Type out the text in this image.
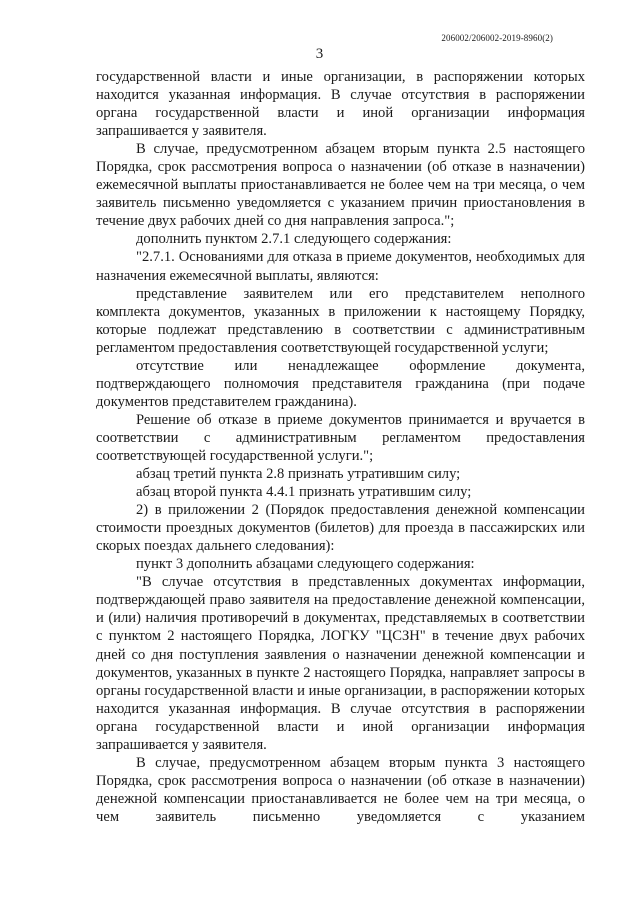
206002/206002-2019-8960(2)
3

государственной власти и иные организации, в распоряжении которых находится указанная информация. В случае отсутствия в распоряжении органа государственной власти и иной организации информация запрашивается у заявителя.

В случае, предусмотренном абзацем вторым пункта 2.5 настоящего Порядка, срок рассмотрения вопроса о назначении (об отказе в назначении) ежемесячной выплаты приостанавливается не более чем на три месяца, о чем заявитель письменно уведомляется с указанием причин приостановления в течение двух рабочих дней со дня направления запроса.";

дополнить пунктом 2.7.1 следующего содержания:

"2.7.1. Основаниями для отказа в приеме документов, необходимых для назначения ежемесячной выплаты, являются:

представление заявителем или его представителем неполного комплекта документов, указанных в приложении к настоящему Порядку, которые подлежат представлению в соответствии с административным регламентом предоставления соответствующей государственной услуги;

отсутствие или ненадлежащее оформление документа, подтверждающего полномочия представителя гражданина (при подаче документов представителем гражданина).

Решение об отказе в приеме документов принимается и вручается в соответствии с административным регламентом предоставления соответствующей государственной услуги.";

абзац третий пункта 2.8 признать утратившим силу;

абзац второй пункта 4.4.1 признать утратившим силу;

2) в приложении 2 (Порядок предоставления денежной компенсации стоимости проездных документов (билетов) для проезда в пассажирских или скорых поездах дальнего следования):

пункт 3 дополнить абзацами следующего содержания:

"В случае отсутствия в представленных документах информации, подтверждающей право заявителя на предоставление денежной компенсации, и (или) наличия противоречий в документах, представляемых в соответствии с пунктом 2 настоящего Порядка, ЛОГКУ "ЦСЗН" в течение двух рабочих дней со дня поступления заявления о назначении денежной компенсации и документов, указанных в пункте 2 настоящего Порядка, направляет запросы в органы государственной власти и иные организации, в распоряжении которых находится указанная информация. В случае отсутствия в распоряжении органа государственной власти и иной организации информация запрашивается у заявителя.

В случае, предусмотренном абзацем вторым пункта 3 настоящего Порядка, срок рассмотрения вопроса о назначении (об отказе в назначении) денежной компенсации приостанавливается не более чем на три месяца, о чем заявитель письменно уведомляется с указанием
